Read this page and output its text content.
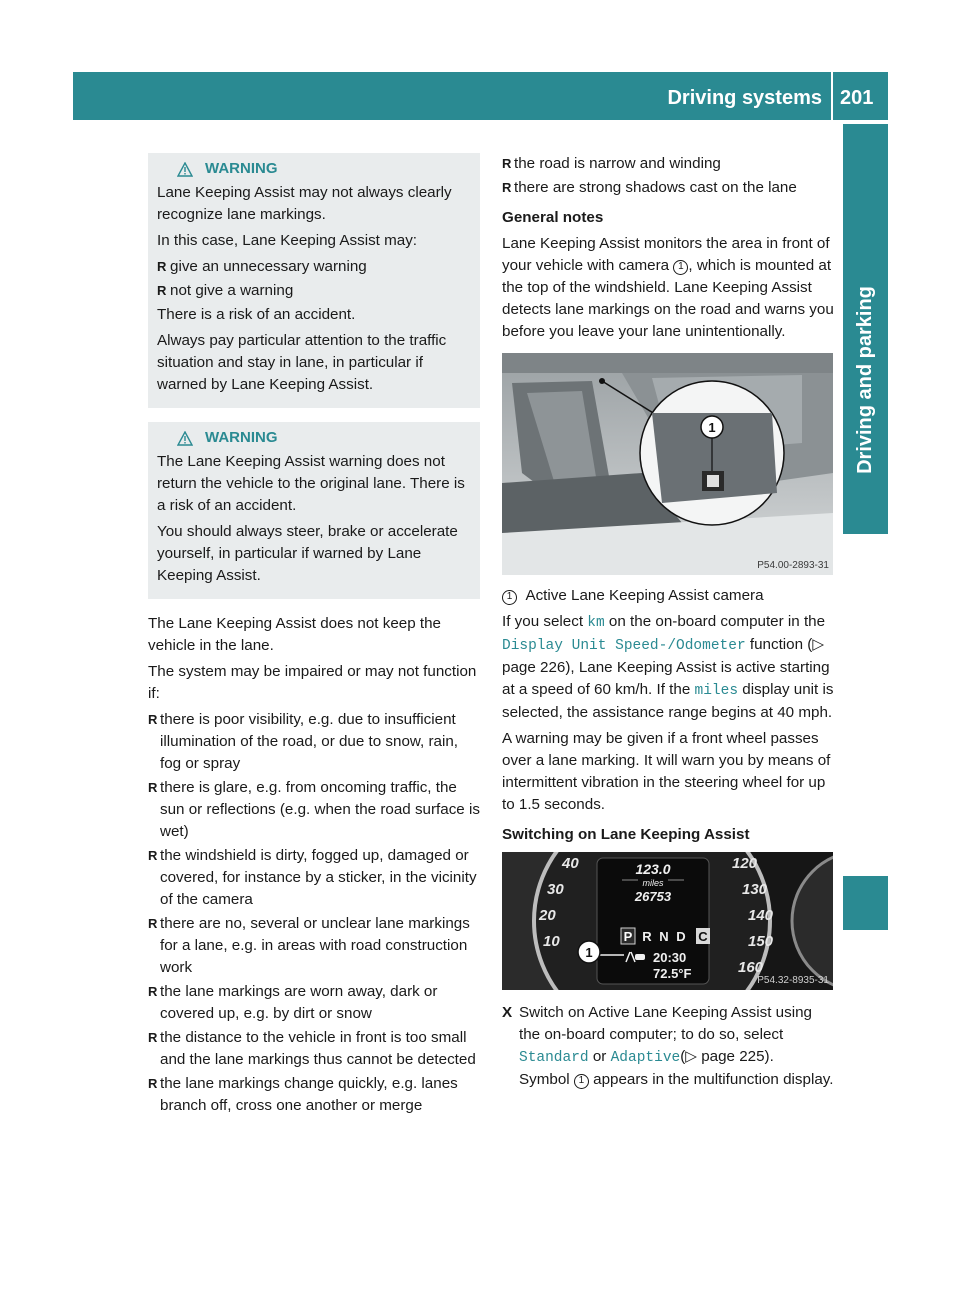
Driving systems 201
Driving and parking
WARNING

Lane Keeping Assist may not always clearly recognize lane markings.

In this case, Lane Keeping Assist may:

R give an unnecessary warning
R not give a warning

There is a risk of an accident.

Always pay particular attention to the traffic situation and stay in lane, in particular if warned by Lane Keeping Assist.

WARNING

The Lane Keeping Assist warning does not return the vehicle to the original lane. There is a risk of an accident.

You should always steer, brake or accelerate yourself, in particular if warned by Lane Keeping Assist.

The Lane Keeping Assist does not keep the vehicle in the lane.

The system may be impaired or may not function if:

R there is poor visibility, e.g. due to insufficient illumination of the road, or due to snow, rain, fog or spray
R there is glare, e.g. from oncoming traffic, the sun or reflections (e.g. when the road surface is wet)
R the windshield is dirty, fogged up, damaged or covered, for instance by a sticker, in the vicinity of the camera
R there are no, several or unclear lane markings for a lane, e.g. in areas with road construction work
R the lane markings are worn away, dark or covered up, e.g. by dirt or snow
R the distance to the vehicle in front is too small and the lane markings thus cannot be detected
R the lane markings change quickly, e.g. lanes branch off, cross one another or merge
R the road is narrow and winding
R there are strong shadows cast on the lane

General notes

Lane Keeping Assist monitors the area in front of your vehicle with camera 1 , which is mounted at the top of the windshield. Lane Keeping Assist detects lane markings on the road and warns you before you leave your lane unintentionally.

1
P54.00-2893-31

1 Active Lane Keeping Assist camera

If you select km on the on-board computer in the Display Unit Speed-/Odometer function (▷ page 226), Lane Keeping Assist is active starting at a speed of 60 km/h. If the miles display unit is selected, the assistance range begins at 40 mph.

A warning may be given if a front wheel passes over a lane marking. It will warn you by means of intermittent vibration in the steering wheel for up to 1.5 seconds.

Switching on Lane Keeping Assist

40
30
20
10
120
130
140
150
160
123.0
miles
26753
P R N D C
20:30
72.5°F
1
P54.32-8935-31
X Switch on Active Lane Keeping Assist using the on-board computer; to do so, select Standard or Adaptive(▷ page 225).
Symbol 1 appears in the multifunction display.
